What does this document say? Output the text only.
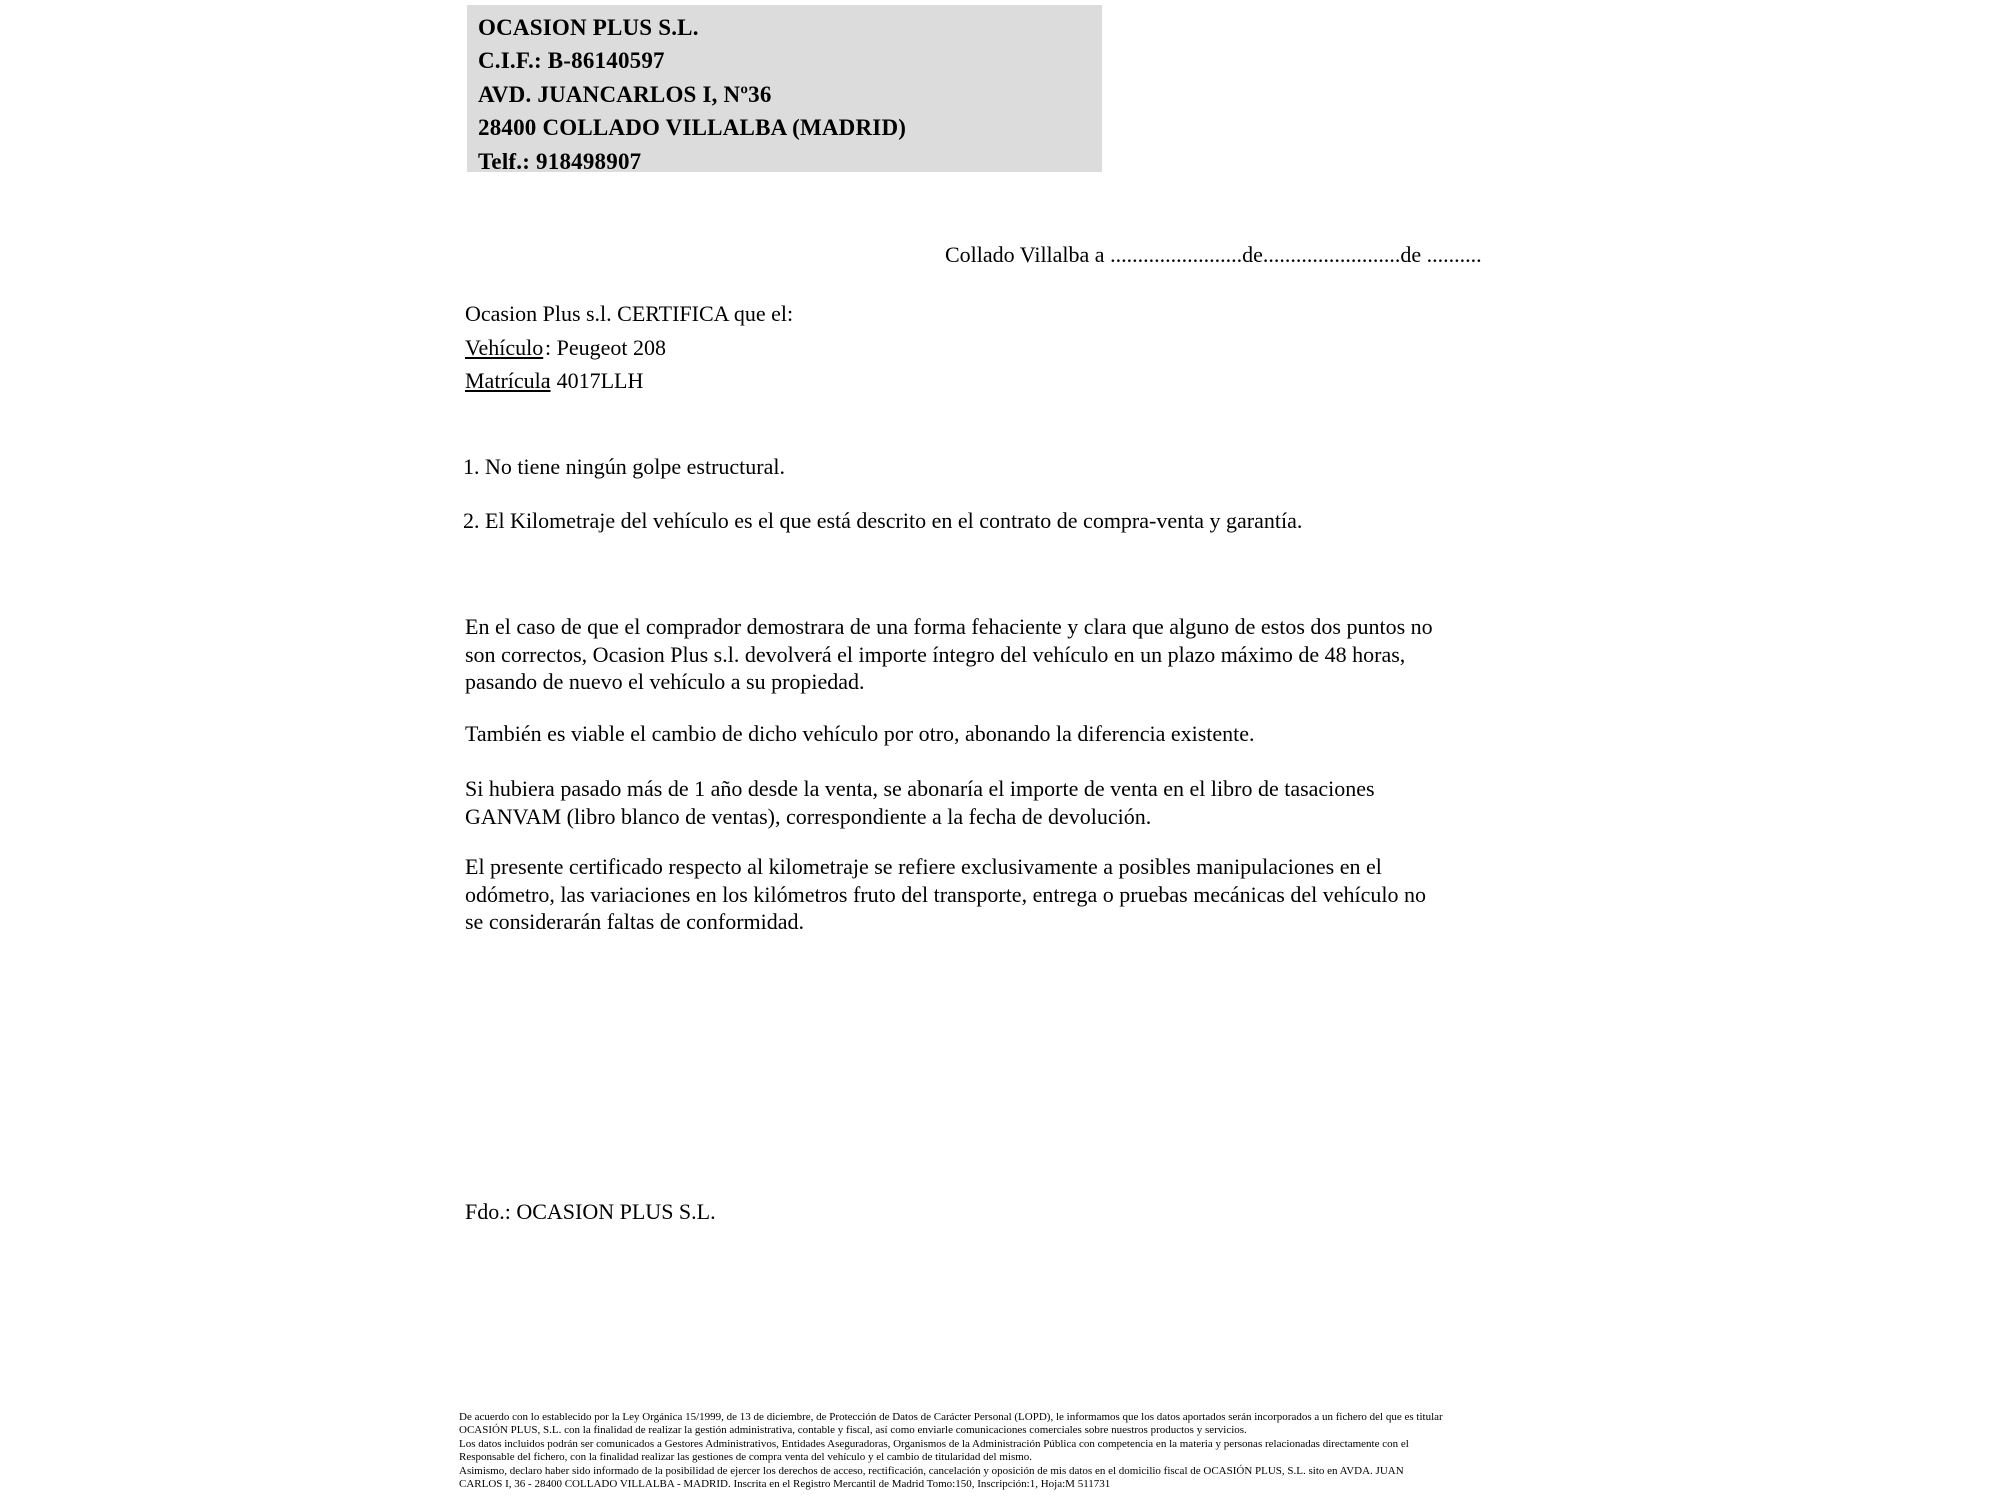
OCASION PLUS S.L.
C.I.F.: B-86140597
AVD. JUANCARLOS I, Nº36
28400 COLLADO VILLALBA (MADRID)
Telf.: 918498907
Collado Villalba a ........................de.........................de ..........
Ocasion Plus s.l. CERTIFICA que el:
Vehículo: Peugeot 208
Matrícula: 4017LLH
1. No tiene ningún golpe estructural.
2. El Kilometraje del vehículo es el que está descrito en el contrato de compra-venta y garantía.
En el caso de que el comprador demostrara de una forma fehaciente y clara que alguno de estos dos puntos no
son correctos, Ocasion Plus s.l. devolverá el importe íntegro del vehículo en un plazo máximo de 48 horas,
pasando de nuevo el vehículo a su propiedad.
También es viable el cambio de dicho vehículo por otro, abonando la diferencia existente.
Si hubiera pasado más de 1 año desde la venta, se abonaría el importe de venta en el libro de tasaciones
GANVAM (libro blanco de ventas), correspondiente a la fecha de devolución.
El presente certificado respecto al kilometraje se refiere exclusivamente a posibles manipulaciones en el
odómetro, las variaciones en los kilómetros fruto del transporte, entrega o pruebas mecánicas del vehículo no
se considerarán faltas de conformidad.
Fdo.: OCASION PLUS S.L.
De acuerdo con lo establecido por la Ley Orgánica 15/1999, de 13 de diciembre, de Protección de Datos de Carácter Personal (LOPD), le informamos que los datos aportados serán incorporados a un fichero del que es titular
OCASIÓN PLUS, S.L. con la finalidad de realizar la gestión administrativa, contable y fiscal, así como enviarle comunicaciones comerciales sobre nuestros productos y servicios.
Los datos incluidos podrán ser comunicados a Gestores Administrativos, Entidades Aseguradoras, Organismos de la Administración Pública con competencia en la materia y personas relacionadas directamente con el
Responsable del fichero, con la finalidad realizar las gestiones de compra venta del vehículo y el cambio de titularidad del mismo.
Asimismo, declaro haber sido informado de la posibilidad de ejercer los derechos de acceso, rectificación, cancelación y oposición de mis datos en el domicilio fiscal de OCASIÓN PLUS, S.L. sito en AVDA. JUAN
CARLOS I, 36 - 28400 COLLADO VILLALBA - MADRID. Inscrita en el Registro Mercantil de Madrid Tomo:150, Inscripción:1, Hoja:M 511731
